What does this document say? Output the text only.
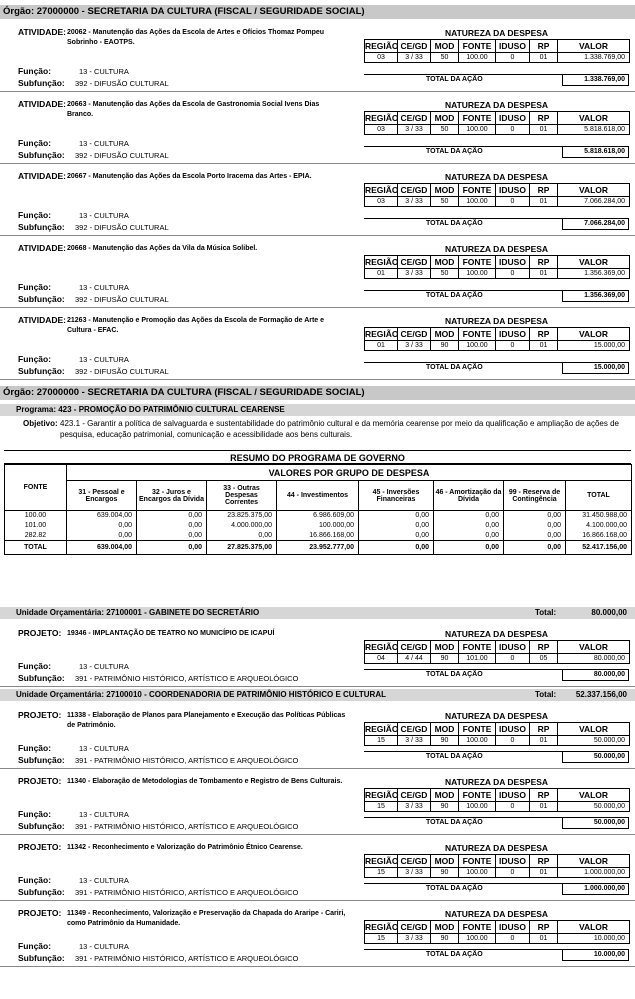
Órgão: 27000000 - SECRETARIA DA CULTURA (FISCAL / SEGURIDADE SOCIAL)
ATIVIDADE: 20062 - Manutenção das Ações da Escola de Artes e Ofícios Thomaz Pompeu Sobrinho - EAOTPS.
Função:	13 - CULTURA
Subfunção: 392 - DIFUSÃO CULTURAL
NATUREZA DA DESPESA
REGIÃO	CE/GD	MOD	FONTE	IDUSO	RP	VALOR
03	3 / 33	50	100.00	0	01	1.338.769,00
TOTAL DA AÇÃO	1.338.769,00
ATIVIDADE: 20663 - Manutenção das Ações da Escola de Gastronomia Social Ivens Dias Branco.
Função:	13 - CULTURA
Subfunção: 392 - DIFUSÃO CULTURAL
NATUREZA DA DESPESA
REGIÃO	CE/GD	MOD	FONTE	IDUSO	RP	VALOR
03	3 / 33	50	100.00	0	01	5.818.618,00
TOTAL DA AÇÃO	5.818.618,00
ATIVIDADE: 20667 - Manutenção das Ações da Escola Porto Iracema das Artes - EPIA.
Função:	13 - CULTURA
Subfunção: 392 - DIFUSÃO CULTURAL
NATUREZA DA DESPESA
REGIÃO	CE/GD	MOD	FONTE	IDUSO	RP	VALOR
03	3 / 33	50	100.00	0	01	7.066.284,00
TOTAL DA AÇÃO	7.066.284,00
ATIVIDADE: 20668 - Manutenção das Ações da Vila da Música Solibel.
Função:	13 - CULTURA
Subfunção: 392 - DIFUSÃO CULTURAL
NATUREZA DA DESPESA
REGIÃO	CE/GD	MOD	FONTE	IDUSO	RP	VALOR
01	3 / 33	50	100.00	0	01	1.356.369,00
TOTAL DA AÇÃO	1.356.369,00
ATIVIDADE: 21263 - Manutenção e Promoção das Ações da Escola de Formação de Arte e Cultura - EFAC.
Função:	13 - CULTURA
Subfunção: 392 - DIFUSÃO CULTURAL
NATUREZA DA DESPESA
REGIÃO	CE/GD	MOD	FONTE	IDUSO	RP	VALOR
01	3 / 33	90	100.00	0	01	15.000,00
TOTAL DA AÇÃO	15.000,00
Órgão: 27000000 - SECRETARIA DA CULTURA (FISCAL / SEGURIDADE SOCIAL)
Programa: 423 - PROMOÇÃO DO PATRIMÔNIO CULTURAL CEARENSE
Objetivo: 423.1 - Garantir a política de salvaguarda e sustentabilidade do patrimônio cultural e da memória cearense por meio da qualificação e ampliação de ações de pesquisa, educação patrimonial, comunicação e acessibilidade aos bens culturais.
RESUMO DO PROGRAMA DE GOVERNO
FONTE	VALORES POR GRUPO DE DESPESA							
	31 - Pessoal e Encargos	32 - Juros e Encargos da Dívida	33 - Outras Despesas Correntes	44 - Investimentos	45 - Inversões Financeiras	46 - Amortização da Dívida	99 - Reserva de Contingência	TOTAL
100.00	639.004,00	0,00	23.825.375,00	6.986.609,00	0,00	0,00	0,00	31.450.988,00
101.00	0,00	0,00	4.000.000,00	100.000,00	0,00	0,00	0,00	4.100.000,00
282.82	0,00	0,00	0,00	16.866.168,00	0,00	0,00	0,00	16.866.168,00
TOTAL	639.004,00	0,00	27.825.375,00	23.952.777,00	0,00	0,00	0,00	52.417.156,00
Unidade Orçamentária: 27100001 - GABINETE DO SECRETÁRIO	Total:	80.000,00
PROJETO: 19346 - IMPLANTAÇÃO DE TEATRO NO MUNICÍPIO DE ICAPUÍ
Função:	13 - CULTURA
Subfunção: 391 - PATRIMÔNIO HISTÓRICO, ARTÍSTICO E ARQUEOLÓGICO
NATUREZA DA DESPESA
REGIÃO	CE/GD	MOD	FONTE	IDUSO	RP	VALOR
04	4 / 44	90	101.00	0	05	80.000,00
TOTAL DA AÇÃO	80.000,00
Unidade Orçamentária: 27100010 - COORDENADORIA DE PATRIMÔNIO HISTÓRICO E CULTURAL	Total: 52.337.156,00
PROJETO: 11338 - Elaboração de Planos para Planejamento e Execução das Políticas Públicas de Patrimônio.
Função:	13 - CULTURA
Subfunção: 391 - PATRIMÔNIO HISTÓRICO, ARTÍSTICO E ARQUEOLÓGICO
NATUREZA DA DESPESA
REGIÃO	CE/GD	MOD	FONTE	IDUSO	RP	VALOR
15	3 / 33	90	100.00	0	01	50.000,00
TOTAL DA AÇÃO	50.000,00
PROJETO: 11340 - Elaboração de Metodologias de Tombamento e Registro de Bens Culturais.
Função:	13 - CULTURA
Subfunção: 391 - PATRIMÔNIO HISTÓRICO, ARTÍSTICO E ARQUEOLÓGICO
NATUREZA DA DESPESA
REGIÃO	CE/GD	MOD	FONTE	IDUSO	RP	VALOR
15	3 / 33	90	100.00	0	01	50.000,00
TOTAL DA AÇÃO	50.000,00
PROJETO: 11342 - Reconhecimento e Valorização do Patrimônio Étnico Cearense.
Função:	13 - CULTURA
Subfunção: 391 - PATRIMÔNIO HISTÓRICO, ARTÍSTICO E ARQUEOLÓGICO
NATUREZA DA DESPESA
REGIÃO	CE/GD	MOD	FONTE	IDUSO	RP	VALOR
15	3 / 33	90	100.00	0	01	1.000.000,00
TOTAL DA AÇÃO	1.000.000,00
PROJETO: 11349 - Reconhecimento, Valorização e Preservação da Chapada do Araripe - Cariri, como Patrimônio da Humanidade.
Função:	13 - CULTURA
Subfunção: 391 - PATRIMÔNIO HISTÓRICO, ARTÍSTICO E ARQUEOLÓGICO
NATUREZA DA DESPESA
REGIÃO	CE/GD	MOD	FONTE	IDUSO	RP	VALOR
15	3 / 33	90	100.00	0	01	10.000,00
TOTAL DA AÇÃO	10.000,00
